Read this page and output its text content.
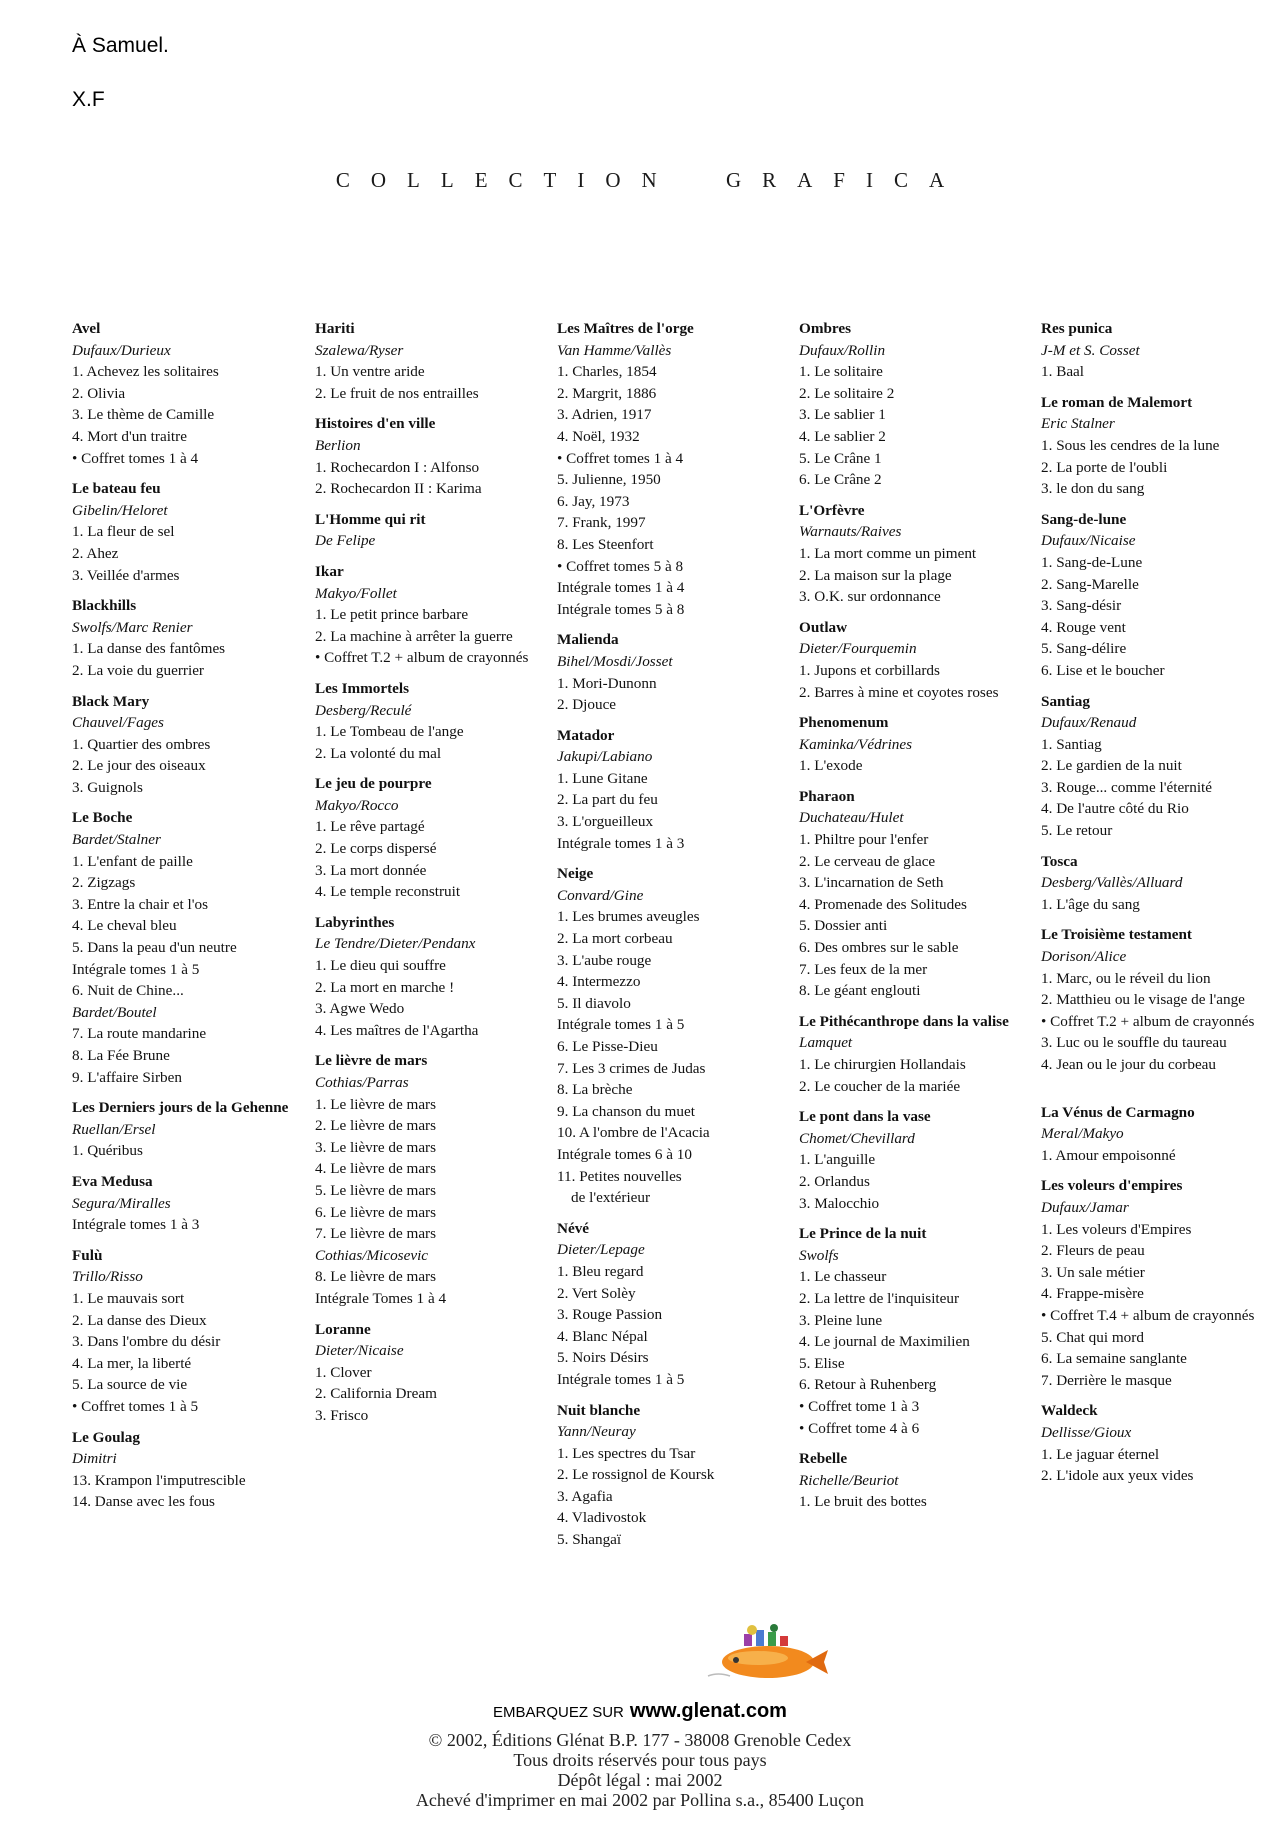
À Samuel.
X.F
COLLECTION GRAFICA
Avel
Dufaux/Durieux
1. Achevez les solitaires
2. Olivia
3. Le thème de Camille
4. Mort d'un traitre
• Coffret tomes 1 à 4
Le bateau feu
Gibelin/Heloret
1. La fleur de sel
2. Ahez
3. Veillée d'armes
Blackhills
Swolfs/Marc Renier
1. La danse des fantômes
2. La voie du guerrier
Black Mary
Chauvel/Fages
1. Quartier des ombres
2. Le jour des oiseaux
3. Guignols
Le Boche
Bardet/Stalner
1. L'enfant de paille
2. Zigzags
3. Entre la chair et l'os
4. Le cheval bleu
5. Dans la peau d'un neutre
Intégrale tomes 1 à 5
6. Nuit de Chine...
Bardet/Boutel
7. La route mandarine
8. La Fée Brune
9. L'affaire Sirben
Les Derniers jours de la Gehenne
Ruellan/Ersel
1. Quéribus
Eva Medusa
Segura/Miralles
Intégrale tomes 1 à 3
Fulù
Trillo/Risso
1. Le mauvais sort
2. La danse des Dieux
3. Dans l'ombre du désir
4. La mer, la liberté
5. La source de vie
• Coffret tomes 1 à 5
Le Goulag
Dimitri
13. Krampon l'imputrescible
14. Danse avec les fous
Hariti
Szalewa/Ryser
1. Un ventre aride
2. Le fruit de nos entrailles
Histoires d'en ville
Berlion
1. Rochecardon I : Alfonso
2. Rochecardon II : Karima
L'Homme qui rit
De Felipe
Ikar
Makyo/Follet
1. Le petit prince barbare
2. La machine à arrêter la guerre
• Coffret T.2 + album de crayonnés
Les Immortels
Desberg/Reculé
1. Le Tombeau de l'ange
2. La volonté du mal
Le jeu de pourpre
Makyo/Rocco
1. Le rêve partagé
2. Le corps dispersé
3. La mort donnée
4. Le temple reconstruit
Labyrinthes
Le Tendre/Dieter/Pendanx
1. Le dieu qui souffre
2. La mort en marche !
3. Agwe Wedo
4. Les maîtres de l'Agartha
Le lièvre de mars
Cothias/Parras
1. Le lièvre de mars
2. Le lièvre de mars
3. Le lièvre de mars
4. Le lièvre de mars
5. Le lièvre de mars
6. Le lièvre de mars
7. Le lièvre de mars
Cothias/Micosevic
8. Le lièvre de mars
Intégrale Tomes 1 à 4
Loranne
Dieter/Nicaise
1. Clover
2. California Dream
3. Frisco
Les Maîtres de l'orge
Van Hamme/Vallès
1. Charles, 1854
2. Margrit, 1886
3. Adrien, 1917
4. Noël, 1932
• Coffret tomes 1 à 4
5. Julienne, 1950
6. Jay, 1973
7. Frank, 1997
8. Les Steenfort
• Coffret tomes 5 à 8
Intégrale tomes 1 à 4
Intégrale tomes 5 à 8
Malienda
Bihel/Mosdi/Josset
1. Mori-Dunonn
2. Djouce
Matador
Jakupi/Labiano
1. Lune Gitane
2. La part du feu
3. L'orgueilleux
Intégrale tomes 1 à 3
Neige
Convard/Gine
1. Les brumes aveugles
2. La mort corbeau
3. L'aube rouge
4. Intermezzo
5. Il diavolo
Intégrale tomes 1 à 5
6. Le Pisse-Dieu
7. Les 3 crimes de Judas
8. La brèche
9. La chanson du muet
10. A l'ombre de l'Acacia
Intégrale tomes 6 à 10
11. Petites nouvelles
de l'extérieur
Névé
Dieter/Lepage
1. Bleu regard
2. Vert Solèy
3. Rouge Passion
4. Blanc Népal
5. Noirs Désirs
Intégrale tomes 1 à 5
Nuit blanche
Yann/Neuray
1. Les spectres du Tsar
2. Le rossignol de Koursk
3. Agafia
4. Vladivostok
5. Shangaï
Ombres
Dufaux/Rollin
1. Le solitaire
2. Le solitaire 2
3. Le sablier 1
4. Le sablier 2
5. Le Crâne 1
6. Le Crâne 2
L'Orfèvre
Warnauts/Raives
1. La mort comme un piment
2. La maison sur la plage
3. O.K. sur ordonnance
Outlaw
Dieter/Fourquemin
1. Jupons et corbillards
2. Barres à mine et coyotes roses
Phenomenum
Kaminka/Védrines
1. L'exode
Pharaon
Duchateau/Hulet
1. Philtre pour l'enfer
2. Le cerveau de glace
3. L'incarnation de Seth
4. Promenade des Solitudes
5. Dossier anti
6. Des ombres sur le sable
7. Les feux de la mer
8. Le géant englouti
Le Pithécanthrope dans la valise
Lamquet
1. Le chirurgien Hollandais
2. Le coucher de la mariée
Le pont dans la vase
Chomet/Chevillard
1. L'anguille
2. Orlandus
3. Malocchio
Le Prince de la nuit
Swolfs
1. Le chasseur
2. La lettre de l'inquisiteur
3. Pleine lune
4. Le journal de Maximilien
5. Elise
6. Retour à Ruhenberg
• Coffret tome 1 à 3
• Coffret tome 4 à 6
Rebelle
Richelle/Beuriot
1. Le bruit des bottes
Res punica
J-M et S. Cosset
1. Baal
Le roman de Malemort
Eric Stalner
1. Sous les cendres de la lune
2. La porte de l'oubli
3. le don du sang
Sang-de-lune
Dufaux/Nicaise
1. Sang-de-Lune
2. Sang-Marelle
3. Sang-désir
4. Rouge vent
5. Sang-délire
6. Lise et le boucher
Santiag
Dufaux/Renaud
1. Santiag
2. Le gardien de la nuit
3. Rouge... comme l'éternité
4. De l'autre côté du Rio
5. Le retour
Tosca
Desberg/Vallès/Alluard
1. L'âge du sang
Le Troisième testament
Dorison/Alice
1. Marc, ou le réveil du lion
2. Matthieu ou le visage de l'ange
• Coffret T.2 + album de crayonnés
3. Luc ou le souffle du taureau
4. Jean ou le jour du corbeau
La Vénus de Carmagno
Meral/Makyo
1. Amour empoisonné
Les voleurs d'empires
Dufaux/Jamar
1. Les voleurs d'Empires
2. Fleurs de peau
3. Un sale métier
4. Frappe-misère
• Coffret T.4 + album de crayonnés
5. Chat qui mord
6. La semaine sanglante
7. Derrière le masque
Waldeck
Dellisse/Gioux
1. Le jaguar éternel
2. L'idole aux yeux vides
EMBARQUEZ SUR www.glenat.com
© 2002, Éditions Glénat B.P. 177 - 38008 Grenoble Cedex
Tous droits réservés pour tous pays
Dépôt légal : mai 2002
Achevé d'imprimer en mai 2002 par Pollina s.a., 85400 Luçon
